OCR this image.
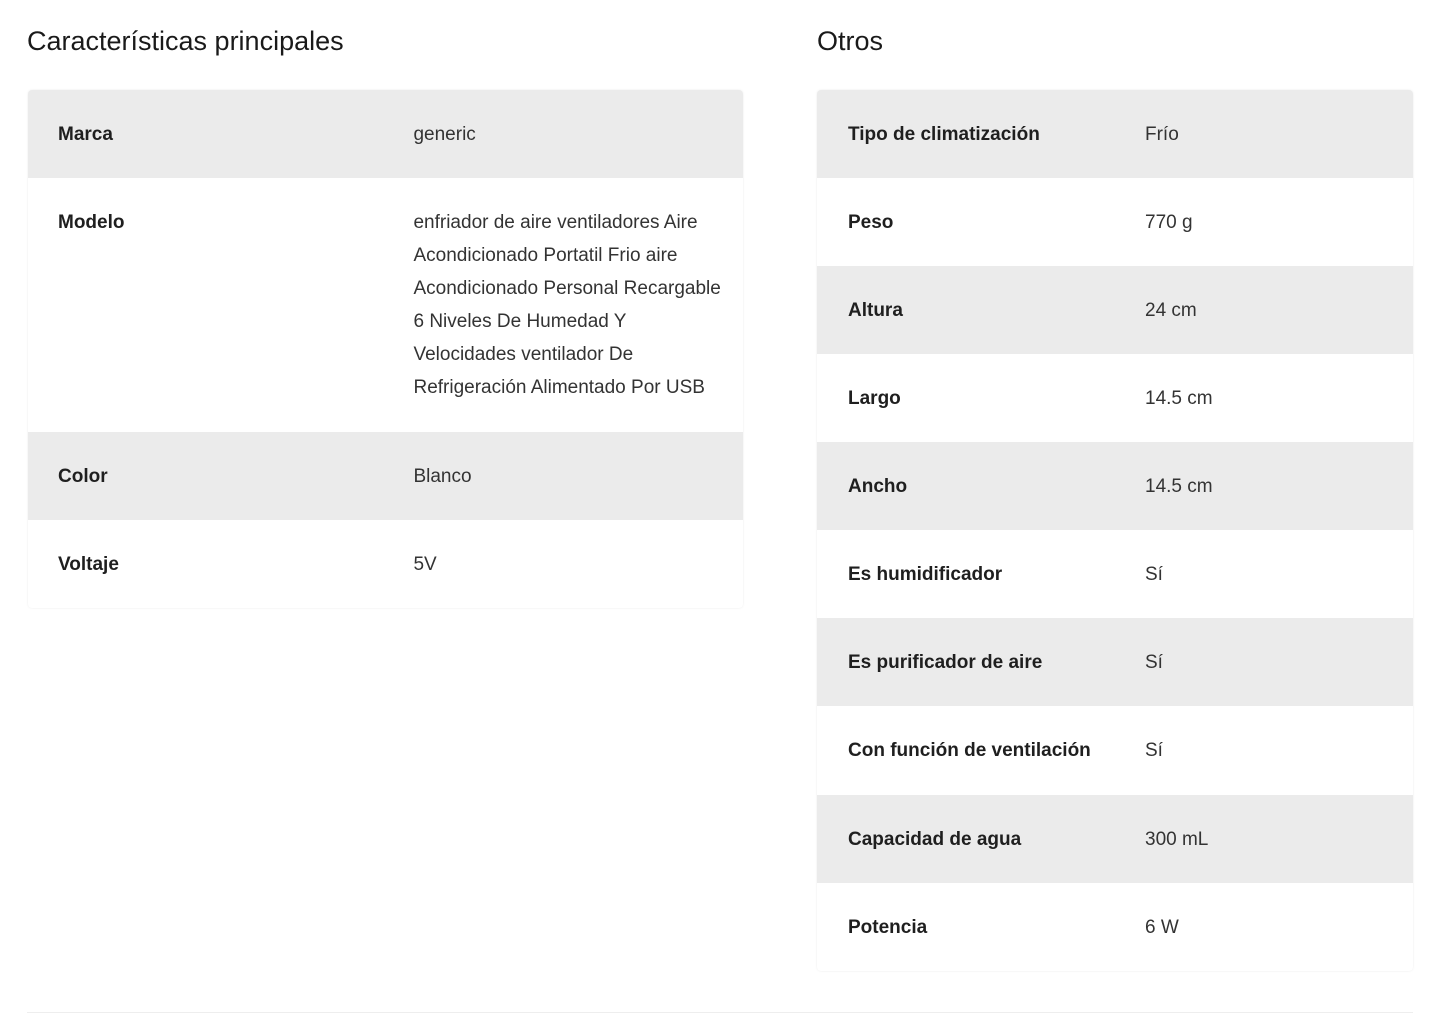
Características principales
Marca	generic
Modelo	enfriador de aire ventiladores Aire Acondicionado Portatil Frio aire Acondicionado Personal Recargable 6 Niveles De Humedad Y Velocidades ventilador De Refrigeración Alimentado Por USB
Color	Blanco
Voltaje	5V
Otros
Tipo de climatización	Frío
Peso	770 g
Altura	24 cm
Largo	14.5 cm
Ancho	14.5 cm
Es humidificador	Sí
Es purificador de aire	Sí
Con función de ventilación	Sí
Capacidad de agua	300 mL
Potencia	6 W
